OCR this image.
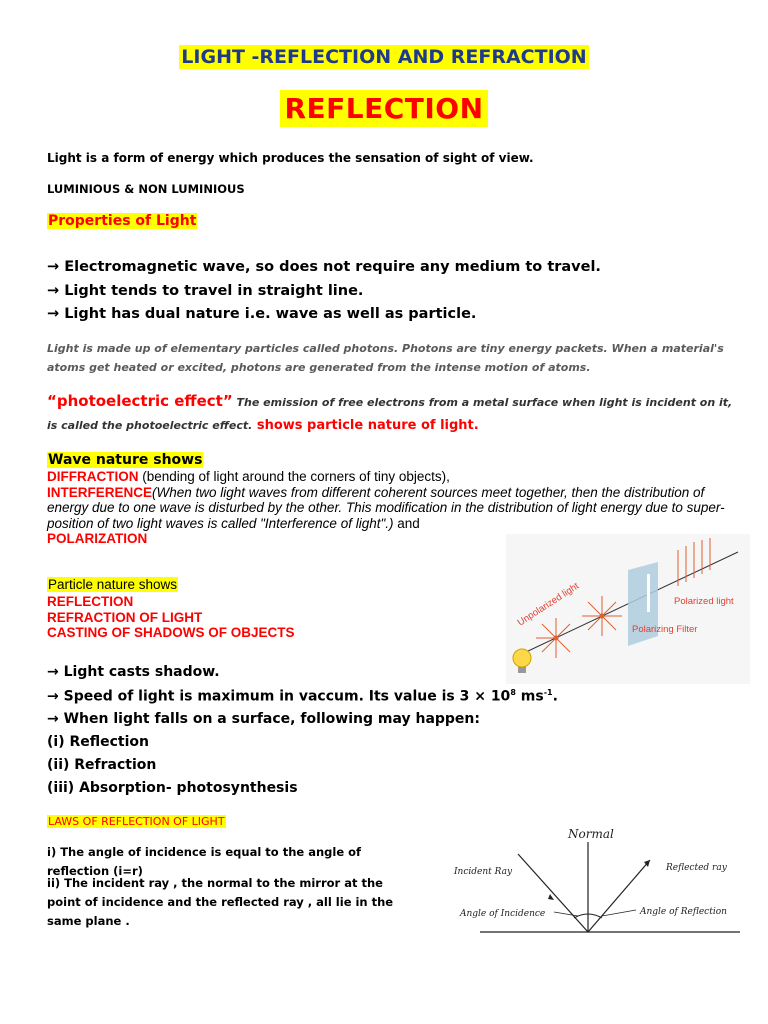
LIGHT -REFLECTION AND REFRACTION
REFLECTION
Light is a form of energy which produces the sensation of sight of view.
LUMINIOUS & NON LUMINIOUS
Properties of Light
→ Electromagnetic wave, so does not require any medium to travel.
→ Light tends to travel in straight line.
→ Light has dual nature i.e. wave as well as particle.
Light is made up of elementary particles called photons. Photons are tiny energy packets. When a material's atoms get heated or excited, photons are generated from the intense motion of atoms.
“photoelectric effect” The emission of free electrons from a metal surface when light is incident on it, is called the photoelectric effect. shows particle nature of light.
Wave nature shows
DIFFRACTION (bending of light around the corners of tiny objects),
INTERFERENCE(When two light waves from different coherent sources meet together, then the distribution of energy due to one wave is disturbed by the other. This modification in the distribution of light energy due to super- position of two light waves is called "Interference of light".) and
POLARIZATION
Particle nature shows
REFLECTION
REFRACTION OF LIGHT
CASTING OF SHADOWS OF OBJECTS
Unpolarized light	Polarized light
Polarizing Filter
→ Light casts shadow.
→ Speed of light is maximum in vaccum. Its value is $3 \times 10^8$ $ms^{-1}$.
→ When light falls on a surface, following may happen:
(i) Reflection
(ii) Refraction
(iii) Absorption- photosynthesis
LAWS OF REFLECTION OF LIGHT
i) The angle of incidence is equal to the angle of reflection (i=r)
ii) The incident ray , the normal to the mirror at the point of incidence and the reflected ray , all lie in the same plane .
Normal
Incident Ray	Reflected ray
Angle of Incidence	Angle of Reflection
